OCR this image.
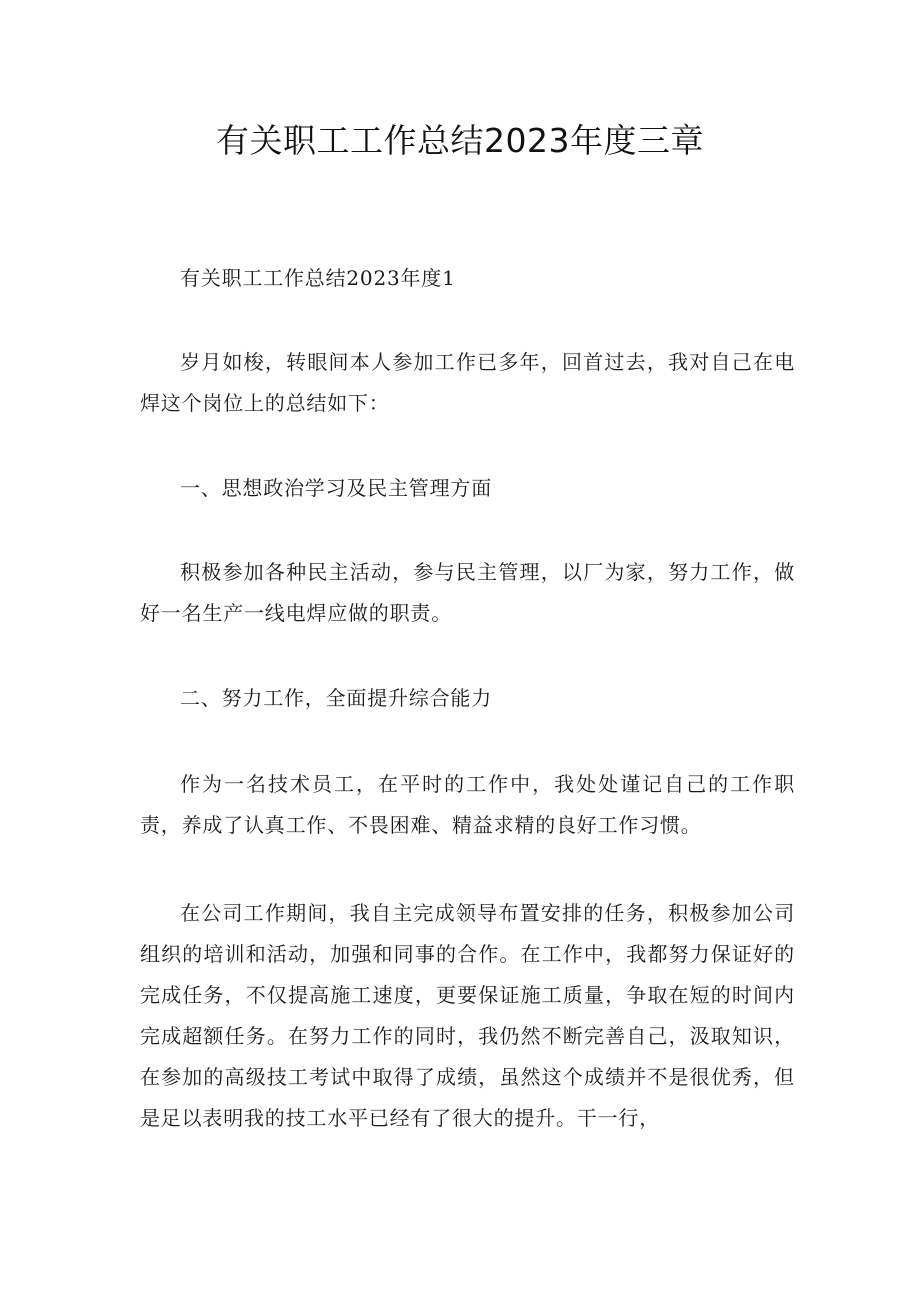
有关职工工作总结2023年度三章

有关职工工作总结2023年度1

岁月如梭，转眼间本人参加工作已多年，回首过去，我对自己在电焊这个岗位上的总结如下：

一、思想政治学习及民主管理方面

积极参加各种民主活动，参与民主管理，以厂为家，努力工作，做好一名生产一线电焊应做的职责。

二、努力工作，全面提升综合能力

作为一名技术员工，在平时的工作中，我处处谨记自己的工作职责，养成了认真工作、不畏困难、精益求精的良好工作习惯。

在公司工作期间，我自主完成领导布置安排的任务，积极参加公司组织的培训和活动，加强和同事的合作。在工作中，我都努力保证好的完成任务，不仅提高施工速度，更要保证施工质量，争取在短的时间内完成超额任务。在努力工作的同时，我仍然不断完善自己，汲取知识，在参加的高级技工考试中取得了成绩，虽然这个成绩并不是很优秀，但是足以表明我的技工水平已经有了很大的提升。干一行，
